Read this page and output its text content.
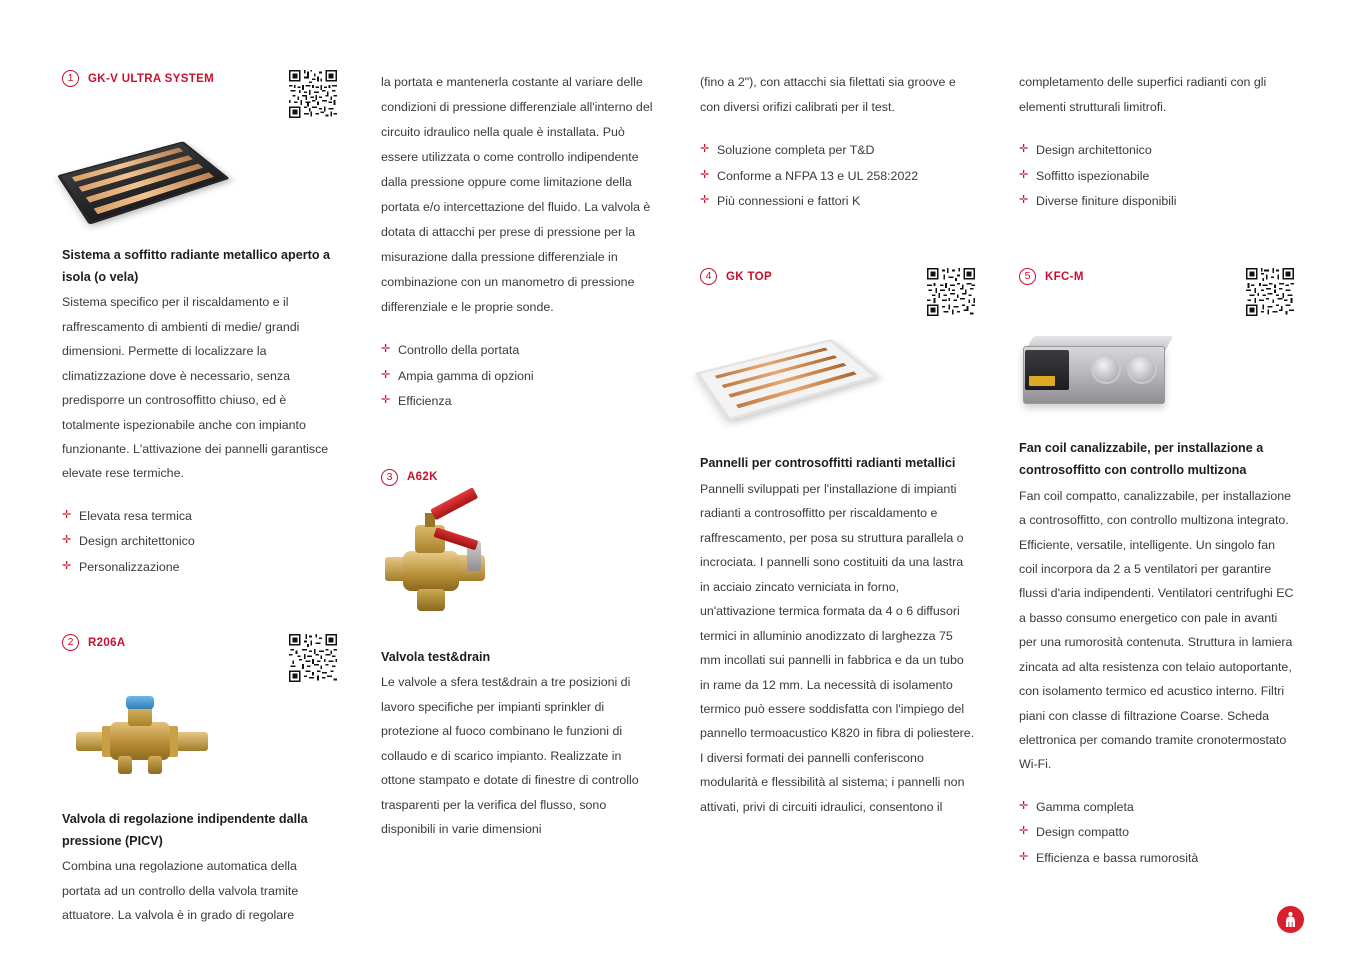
1	GK-V ULTRA SYSTEM

Sistema a soffitto radiante metallico aperto a isola (o vela)

Sistema specifico per il riscaldamento e il raffrescamento di ambienti di medie/ grandi dimensioni. Permette di localizzare la climatizzazione dove è necessario, senza predisporre un controsoffitto chiuso, ed è totalmente ispezionabile anche con impianto funzionante. L'attivazione dei pannelli garantisce elevate rese termiche.

✛ Elevata resa termica
✛ Design architettonico
✛ Personalizzazione
2	R206A

Valvola di regolazione indipendente dalla pressione (PICV)

Combina una regolazione automatica della portata ad un controllo della valvola tramite attuatore. La valvola è in grado di regolare

la portata e mantenerla costante al variare delle condizioni di pressione differenziale all'interno del circuito idraulico nella quale è installata. Può essere utilizzata o come controllo indipendente dalla pressione oppure come limitazione della portata e/o intercettazione del fluido. La valvola è dotata di attacchi per prese di pressione per la misurazione dalla pressione differenziale in combinazione con un manometro di pressione differenziale e le proprie sonde.

✛ Controllo della portata
✛ Ampia gamma di opzioni
✛ Efficienza
3	A62K

Valvola test&drain

Le valvole a sfera test&drain a tre posizioni di lavoro specifiche per impianti sprinkler di protezione al fuoco combinano le funzioni di collaudo e di scarico impianto. Realizzate in ottone stampato e dotate di finestre di controllo trasparenti per la verifica del flusso, sono disponibili in varie dimensioni

(fino a 2"), con attacchi sia filettati sia groove e con diversi orifizi calibrati per il test.

✛ Soluzione completa per T&D
✛ Conforme a NFPA 13 e UL 258:2022
✛ Più connessioni e fattori K
4	GK TOP

Pannelli per controsoffitti radianti metallici

Pannelli sviluppati per l'installazione di impianti radianti a controsoffitto per riscaldamento e raffrescamento, per posa su struttura parallela o incrociata. I pannelli sono costituiti da una lastra in acciaio zincato verniciata in forno, un'attivazione termica formata da 4 o 6 diffusori termici in alluminio anodizzato di larghezza 75 mm incollati sui pannelli in fabbrica e da un tubo in rame da 12 mm. La necessità di isolamento termico può essere soddisfatta con l'impiego del pannello termoacustico K820 in fibra di poliestere. I diversi formati dei pannelli conferiscono modularità e flessibilità al sistema; i pannelli non attivati, privi di circuiti idraulici, consentono il

completamento delle superfici radianti con gli elementi strutturali limitrofi.

✛ Design architettonico
✛ Soffitto ispezionabile
✛ Diverse finiture disponibili
5	KFC-M

Fan coil canalizzabile, per installazione a controsoffitto con controllo multizona

Fan coil compatto, canalizzabile, per installazione a controsoffitto, con controllo multizona integrato. Efficiente, versatile, intelligente. Un singolo fan coil incorpora da 2 a 5 ventilatori per garantire flussi d'aria indipendenti. Ventilatori centrifughi EC a basso consumo energetico con pale in avanti per una rumorosità contenuta. Struttura in lamiera zincata ad alta resistenza con telaio autoportante, con isolamento termico ed acustico interno. Filtri piani con classe di filtrazione Coarse. Scheda elettronica per comando tramite cronotermostato Wi-Fi.

✛ Gamma completa
✛ Design compatto
✛ Efficienza e bassa rumorosità
